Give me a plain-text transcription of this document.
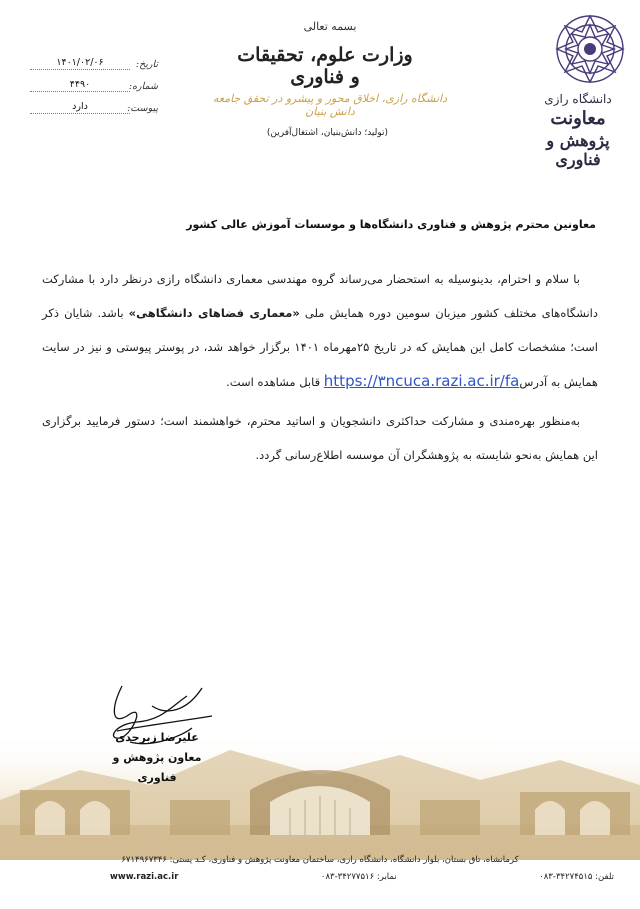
دانشگاه رازی
معاونت
پژوهش و فناوری
بسمه تعالی
وزارت علوم، تحقیقات و فناوری
دانشگاه رازی، اخلاق محور و پیشرو در تحقق جامعه دانش بنیان
(تولید؛ دانش‌بنیان، اشتغال‌آفرین)
تاریخ:
۱۴۰۱/۰۲/۰۶
شماره:
۴۴۹۰
پیوست:
دارد
معاونین محترم پژوهش و فناوری دانشگاه‌ها و موسسات آموزش عالی کشور

با سلام و احترام، بدینوسیله به استحضار می‌رساند گروه مهندسی معماری دانشگاه رازی درنظر دارد با مشارکت دانشگاه‌های مختلف کشور میزبان سومین دوره همایش ملی «معماری فضاهای دانشگاهی» باشد. شایان ذکر است؛ مشخصات کامل این همایش که در تاریخ ۲۵مهرماه ۱۴۰۱ برگزار خواهد شد، در پوستر پیوستی و نیز در سایت همایش به آدرسhttps://۳ncuca.razi.ac.ir/fa قابل مشاهده است.

به‌منظور بهره‌مندی و مشارکت حداکثری دانشجویان و اساتید محترم، خواهشمند است؛ دستور فرمایید برگزاری این همایش به‌نحو شایسته به پژوهشگران آن موسسه اطلاع‌رسانی گردد.

علیرضا زبرجدی
معاون پژوهش و فناوری
کرمانشاه، تاق بستان، بلوار دانشگاه، دانشگاه رازی، ساختمان معاونت پژوهش و فناوری، کـد پستی: ۶۷۱۴۹۶۷۳۴۶
تلفن: ۳۴۲۷۴۵۱۵-۰۸۳
نمابر: ۳۴۲۷۷۵۱۶-۰۸۳
www.razi.ac.ir
